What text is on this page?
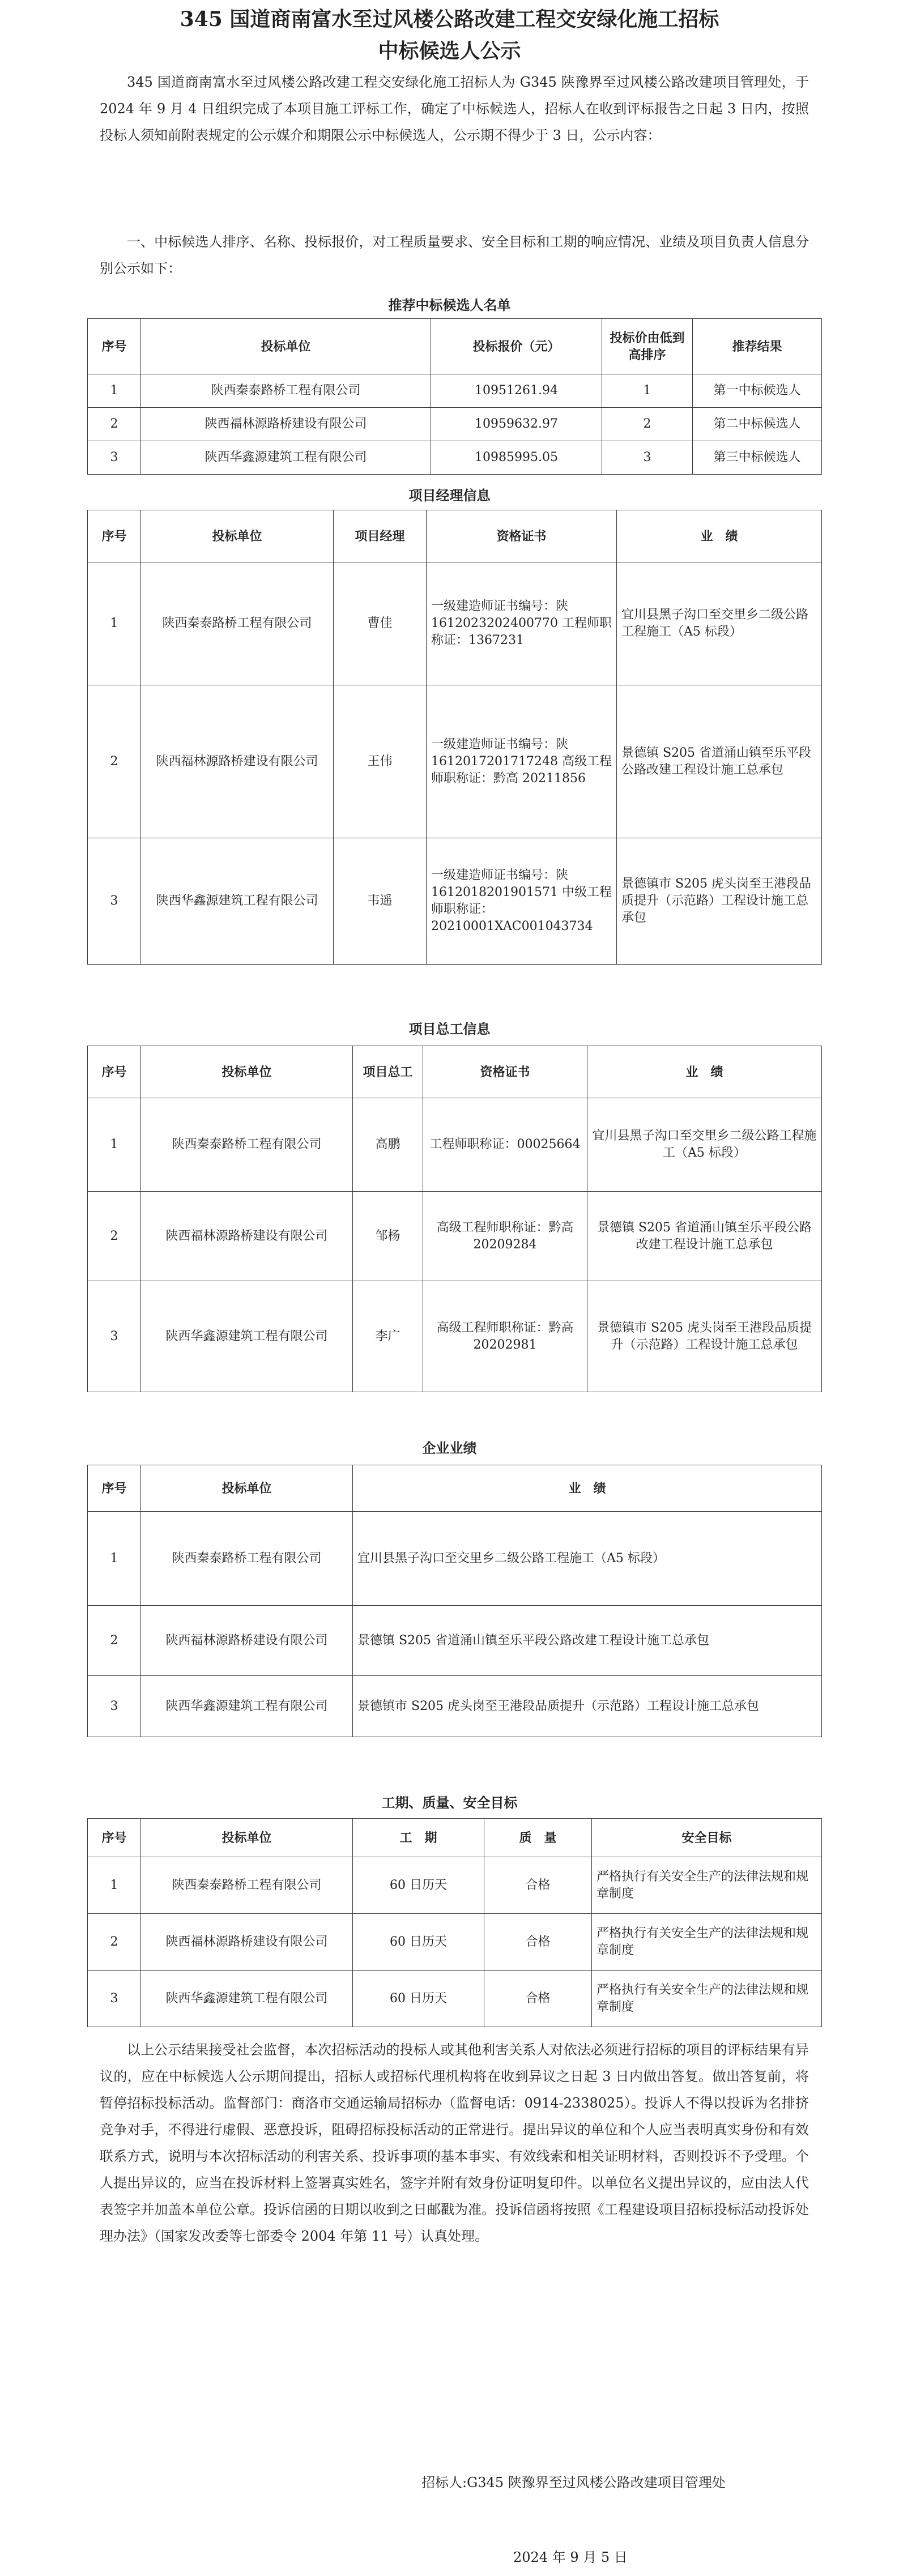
345 国道商南富水至过风楼公路改建工程交安绿化施工招标
中标候选人公示

345 国道商南富水至过风楼公路改建工程交安绿化施工招标人为 G345 陕豫界至过风楼公路改建项目管理处，于 2024 年 9 月 4 日组织完成了本项目施工评标工作，确定了中标候选人，招标人在收到评标报告之日起 3 日内，按照投标人须知前附表规定的公示媒介和期限公示中标候选人，公示期不得少于 3 日，公示内容：

一、中标候选人排序、名称、投标报价，对工程质量要求、安全目标和工期的响应情况、业绩及项目负责人信息分别公示如下：

推荐中标候选人名单
序号	投标单位	投标报价（元）	投标价由低到高排序	推荐结果
1	陕西秦泰路桥工程有限公司	10951261.94	1	第一中标候选人
2	陕西福林源路桥建设有限公司	10959632.97	2	第二中标候选人
3	陕西华鑫源建筑工程有限公司	10985995.05	3	第三中标候选人
项目经理信息
序号	投标单位	项目经理	资格证书	业　绩
1	陕西秦泰路桥工程有限公司	曹佳	一级建造师证书编号：陕 1612023202400770 工程师职称证：1367231	宜川县黑子沟口至交里乡二级公路工程施工（A5 标段）
2	陕西福林源路桥建设有限公司	王伟	一级建造师证书编号：陕 1612017201717248 高级工程师职称证：黔高 20211856	景德镇 S205 省道涌山镇至乐平段公路改建工程设计施工总承包
3	陕西华鑫源建筑工程有限公司	韦遥	一级建造师证书编号：陕 1612018201901571 中级工程师职称证：20210001XAC001043734	景德镇市 S205 虎头岗至王港段品质提升（示范路）工程设计施工总承包
项目总工信息
序号	投标单位	项目总工	资格证书	业　绩
1	陕西秦泰路桥工程有限公司	高鹏	工程师职称证：00025664	宜川县黑子沟口至交里乡二级公路工程施工（A5 标段）
2	陕西福林源路桥建设有限公司	邹杨	高级工程师职称证：黔高 20209284	景德镇 S205 省道涌山镇至乐平段公路改建工程设计施工总承包
3	陕西华鑫源建筑工程有限公司	李广	高级工程师职称证：黔高 20202981	景德镇市 S205 虎头岗至王港段品质提升（示范路）工程设计施工总承包
企业业绩
序号	投标单位	业　绩
1	陕西秦泰路桥工程有限公司	宜川县黑子沟口至交里乡二级公路工程施工（A5 标段）
2	陕西福林源路桥建设有限公司	景德镇 S205 省道涌山镇至乐平段公路改建工程设计施工总承包
3	陕西华鑫源建筑工程有限公司	景德镇市 S205 虎头岗至王港段品质提升（示范路）工程设计施工总承包
工期、质量、安全目标
序号	投标单位	工　期	质　量	安全目标
1	陕西秦泰路桥工程有限公司	60 日历天	合格	严格执行有关安全生产的法律法规和规章制度
2	陕西福林源路桥建设有限公司	60 日历天	合格	严格执行有关安全生产的法律法规和规章制度
3	陕西华鑫源建筑工程有限公司	60 日历天	合格	严格执行有关安全生产的法律法规和规章制度

以上公示结果接受社会监督，本次招标活动的投标人或其他利害关系人对依法必须进行招标的项目的评标结果有异议的，应在中标候选人公示期间提出，招标人或招标代理机构将在收到异议之日起 3 日内做出答复。做出答复前，将暂停招标投标活动。监督部门：商洛市交通运输局招标办（监督电话：0914-2338025）。投诉人不得以投诉为名排挤竞争对手，不得进行虚假、恶意投诉，阻碍招标投标活动的正常进行。提出异议的单位和个人应当表明真实身份和有效联系方式，说明与本次招标活动的利害关系、投诉事项的基本事实、有效线索和相关证明材料，否则投诉不予受理。个人提出异议的，应当在投诉材料上签署真实姓名，签字并附有效身份证明复印件。以单位名义提出异议的，应由法人代表签字并加盖本单位公章。投诉信函的日期以收到之日邮戳为准。投诉信函将按照《工程建设项目招标投标活动投诉处理办法》（国家发改委等七部委令 2004 年第 11 号）认真处理。

招标人:G345 陕豫界至过风楼公路改建项目管理处
2024 年 9 月 5 日
